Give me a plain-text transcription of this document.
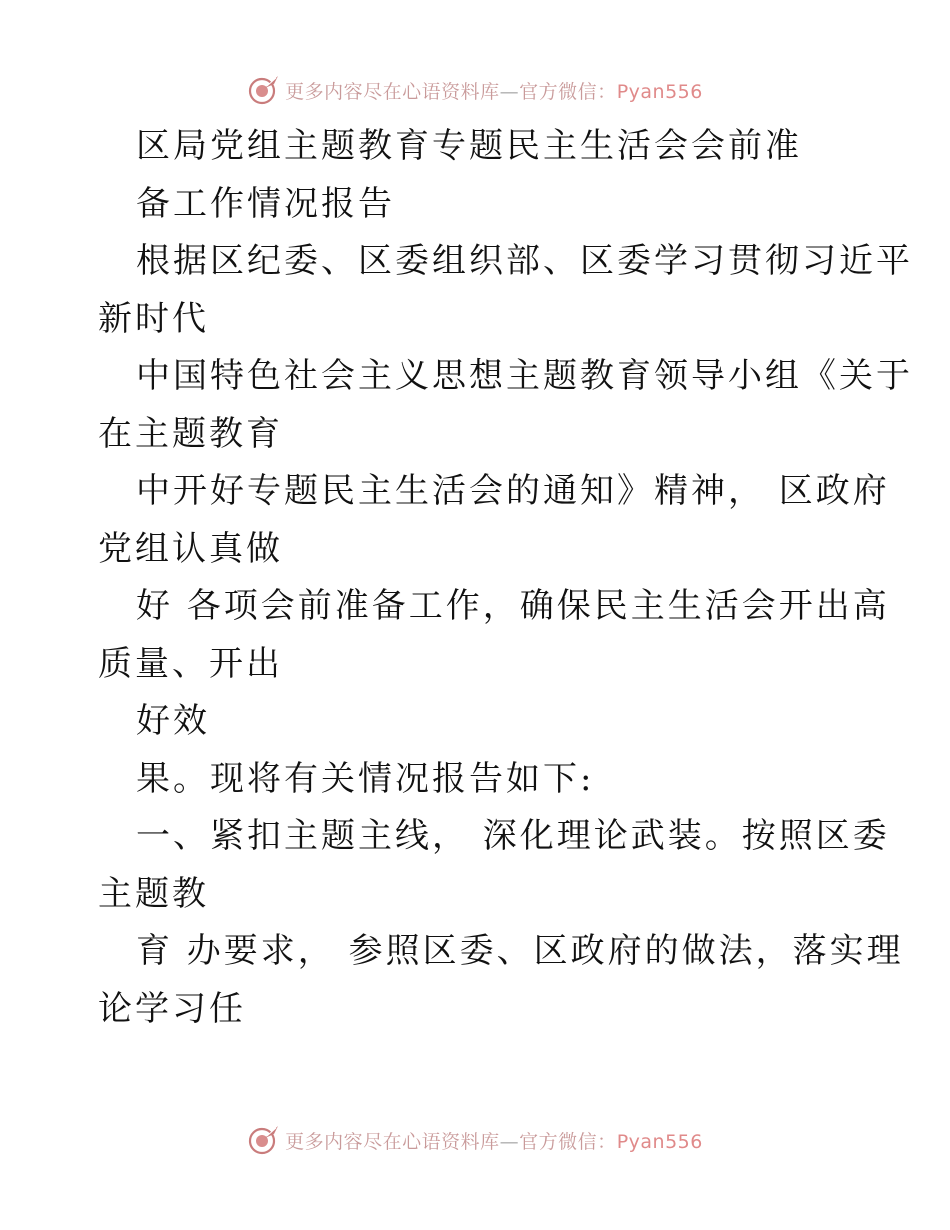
更多内容尽在心语资料库—官方微信：Pyan556
区局党组主题教育专题民主生活会会前准
备工作情况报告
根据区纪委、区委组织部、区委学习贯彻习近平
新时代
中国特色社会主义思想主题教育领导小组《关于
在主题教育
中开好专题民主生活会的通知》精神， 区政府
党组认真做
好 各项会前准备工作，确保民主生活会开出高
质量、开出
好效
果。现将有关情况报告如下:
一、紧扣主题主线， 深化理论武装。按照区委
主题教
育 办要求， 参照区委、区政府的做法，落实理
论学习任
更多内容尽在心语资料库—官方微信：Pyan556
